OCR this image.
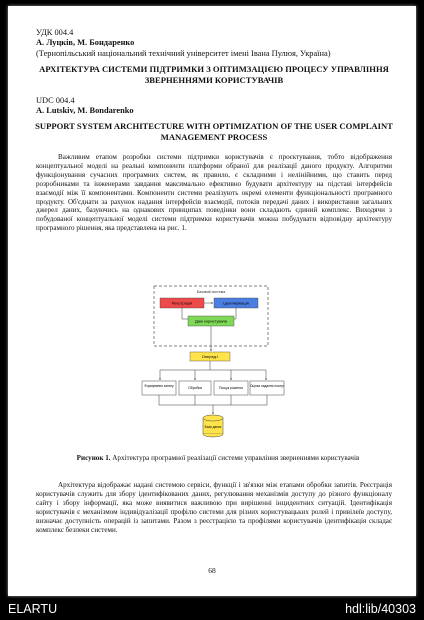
УДК 004.4
А. Луцків, М. Бондаренко
(Тернопільський національний технічний університет імені Івана Пулюя, Україна)
АРХІТЕКТУРА СИСТЕМИ ПІДТРИМКИ З ОПТИМЗАЦІЄЮ ПРОЦЕСУ УПРАВЛІННЯ ЗВЕРНЕННЯМИ КОРИСТУВАЧІВ
UDC 004.4
A. Lutskiv, M. Bondarenko
SUPPORT SYSTEM ARCHITECTURE WITH OPTIMIZATION OF THE USER COMPLAINT MANAGEMENT PROCESS
Важливим етапом розробки системи підтримки користувачів є проєктування, тобто відображення концептуальної моделі на реальні компоненти платформи обраної для реалізації даного продукту. Алгоритми функціонування сучасних програмних систем, як правило, є складними і нелінійними, що ставить перед розробниками та інженерами завдання максимально ефективно будувати архітектуру на підставі інтерфейсів взаємодії між її компонентами. Компоненти системи реалізують окремі елементи функціональності програмного продукту. Об'єднати за рахунок надання інтерфейсів взаємодії, потоків передачі даних і використання загальних джерел даних, базуючись на однакових принципах поведінки вони складають єдиний комплекс. Виходячи з побудованої концептуальної моделі системи підтримки користувачів можна побудувати відповідну архітектуру програмного рішення, яка представлена на рис. 1.
Базовий система
Реєстрація	Ідентифікація
Дані користувача
Оперед.І
Формування запиту	Обробка	Пошук рішення Оцінка надання послуг
База даних
Рисунок 1. Архітектура програмної реалізації системи управління зверненнями користувачів
Архітектура відображає надані системою сервіси, функції і зв'язки між етапами обробки запитів. Реєстрація користувачів служить для збору ідентифікованих даних, регулювання механізмів доступу до різного функціоналу сайту і збору інформації, яка може виявитися важливою при вирішенні інцидентних ситуацій. Ідентифікація користувачів є механізмом індивідуалізації профілю системи для різних користувацьких ролей і привілеїв доступу, визначає доступність операцій із запитами. Разом з реєстрацією та профілями користувачів ідентифікація складає комплекс безпеки системи.
68
ELARTU	hdl:lib/40303
